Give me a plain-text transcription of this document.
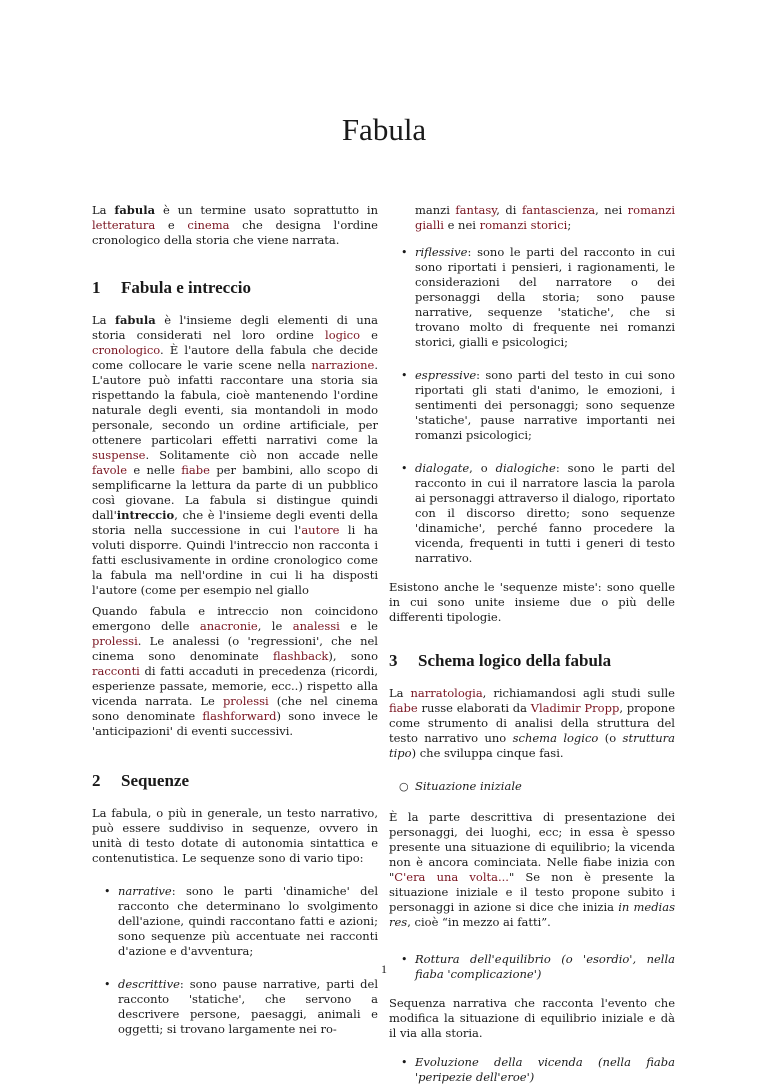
Fabula

La fabula è un termine usato soprattutto in letteratura e cinema che designa l'ordine cronologico della storia che viene narrata.

1	Fabula e intreccio

La fabula è l'insieme degli elementi di una storia considerati nel loro ordine logico e cronologico. È l'autore della fabula che decide come collocare le varie scene nella narrazione. L'autore può infatti raccontare una storia sia rispettando la fabula, cioè mantenendo l'ordine naturale degli eventi, sia montandoli in modo personale, secondo un ordine artificiale, per ottenere particolari effetti narrativi come la suspense. Solitamente ciò non accade nelle favole e nelle fiabe per bambini, allo scopo di semplificarne la lettura da parte di un pubblico così giovane. La fabula si distingue quindi dall'intreccio, che è l'insieme degli eventi della storia nella successione in cui l'autore li ha voluti disporre. Quindi l'intreccio non racconta i fatti esclusivamente in ordine cronologico come la fabula ma nell'ordine in cui li ha disposti l'autore (come per esempio nel giallo

Quando fabula e intreccio non coincidono emergono delle anacronie, le analessi e le prolessi. Le analessi (o 'regressioni', che nel cinema sono denominate flashback), sono racconti di fatti accaduti in precedenza (ricordi, esperienze passate, memorie, ecc..) rispetto alla vicenda narrata. Le prolessi (che nel cinema sono denominate flashforward) sono invece le 'anticipazioni' di eventi successivi.

2	Sequenze

La fabula, o più in generale, un testo narrativo, può essere suddiviso in sequenze, ovvero in unità di testo dotate di autonomia sintattica e contenutistica. Le sequenze sono di vario tipo:

• narrative: sono le parti 'dinamiche' del racconto che determinano lo svolgimento dell'azione, quindi raccontano fatti e azioni; sono sequenze più accentuate nei racconti d'azione e d'avventura;
• descrittive: sono pause narrative, parti del racconto 'statiche', che servono a descrivere persone, paesaggi, animali e oggetti; si trovano largamente nei ro-

manzi fantasy, di fantascienza, nei romanzi gialli e nei romanzi storici;

• riflessive: sono le parti del racconto in cui sono riportati i pensieri, i ragionamenti, le considerazioni del narratore o dei personaggi della storia; sono pause narrative, sequenze 'statiche', che si trovano molto di frequente nei romanzi storici, gialli e psicologici;
• espressive: sono parti del testo in cui sono riportati gli stati d'animo, le emozioni, i sentimenti dei personaggi; sono sequenze 'statiche', pause narrative importanti nei romanzi psicologici;
• dialogate, o dialogiche: sono le parti del racconto in cui il narratore lascia la parola ai personaggi attraverso il dialogo, riportato con il discorso diretto; sono sequenze 'dinamiche', perché fanno procedere la vicenda, frequenti in tutti i generi di testo narrativo.

Esistono anche le 'sequenze miste': sono quelle in cui sono unite insieme due o più delle differenti tipologie.

3	Schema logico della fabula

La narratologia, richiamandosi agli studi sulle fiabe russe elaborati da Vladimir Propp, propone come strumento di analisi della struttura del testo narrativo uno schema logico (o struttura tipo) che sviluppa cinque fasi.

○ Situazione iniziale

È la parte descrittiva di presentazione dei personaggi, dei luoghi, ecc; in essa è spesso presente una situazione di equilibrio; la vicenda non è ancora cominciata. Nelle fiabe inizia con "C'era una volta..." Se non è presente la situazione iniziale e il testo propone subito i personaggi in azione si dice che inizia in medias res, cioè “in mezzo ai fatti”.

• Rottura dell'equilibrio (o 'esordio', nella fiaba 'complicazione')

Sequenza narrativa che racconta l'evento che modifica la situazione di equilibrio iniziale e dà il via alla storia.

• Evoluzione della vicenda (nella fiaba 'peripezie dell'eroe')
1
